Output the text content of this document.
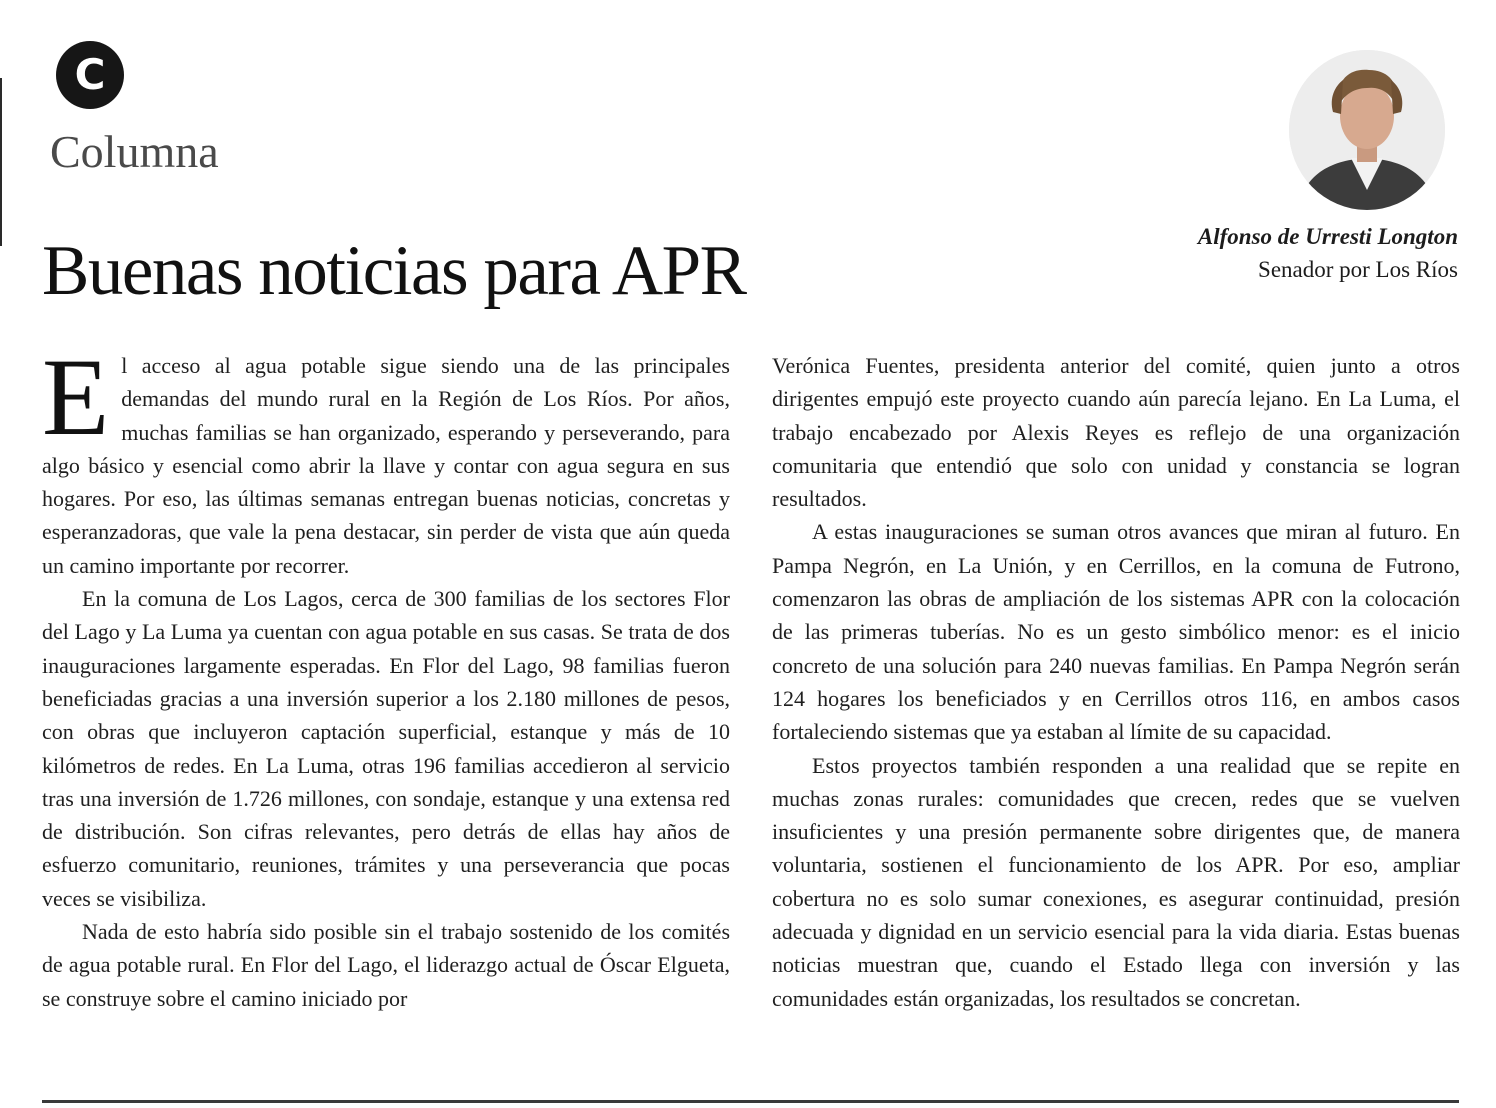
C
Columna
Buenas noticias para APR	Alfonso de Urresti Longton
Senador por Los Ríos

El acceso al agua potable sigue siendo una de las principales demandas del mundo rural en la Región de Los Ríos. Por años, muchas familias se han organizado, esperando y perseverando, para algo básico y esencial como abrir la llave y contar con agua segura en sus hogares. Por eso, las últimas semanas entregan buenas noticias, concretas y esperanzadoras, que vale la pena destacar, sin perder de vista que aún queda un camino importante por recorrer.

En la comuna de Los Lagos, cerca de 300 familias de los sectores Flor del Lago y La Luma ya cuentan con agua potable en sus casas. Se trata de dos inauguraciones largamente esperadas. En Flor del Lago, 98 familias fueron beneficiadas gracias a una inversión superior a los 2.180 millones de pesos, con obras que incluyeron captación superficial, estanque y más de 10 kilómetros de redes. En La Luma, otras 196 familias accedieron al servicio tras una inversión de 1.726 millones, con sondaje, estanque y una extensa red de distribución. Son cifras relevantes, pero detrás de ellas hay años de esfuerzo comunitario, reuniones, trámites y una perseverancia que pocas veces se visibiliza.

Nada de esto habría sido posible sin el trabajo sostenido de los comités de agua potable rural. En Flor del Lago, el liderazgo actual de Óscar Elgueta, se construye sobre el camino iniciado por

Verónica Fuentes, presidenta anterior del comité, quien junto a otros dirigentes empujó este proyecto cuando aún parecía lejano. En La Luma, el trabajo encabezado por Alexis Reyes es reflejo de una organización comunitaria que entendió que solo con unidad y constancia se logran resultados.

A estas inauguraciones se suman otros avances que miran al futuro. En Pampa Negrón, en La Unión, y en Cerrillos, en la comuna de Futrono, comenzaron las obras de ampliación de los sistemas APR con la colocación de las primeras tuberías. No es un gesto simbólico menor: es el inicio concreto de una solución para 240 nuevas familias. En Pampa Negrón serán 124 hogares los beneficiados y en Cerrillos otros 116, en ambos casos fortaleciendo sistemas que ya estaban al límite de su capacidad.

Estos proyectos también responden a una realidad que se repite en muchas zonas rurales: comunidades que crecen, redes que se vuelven insuficientes y una presión permanente sobre dirigentes que, de manera voluntaria, sostienen el funcionamiento de los APR. Por eso, ampliar cobertura no es solo sumar conexiones, es asegurar continuidad, presión adecuada y dignidad en un servicio esencial para la vida diaria. Estas buenas noticias muestran que, cuando el Estado llega con inversión y las comunidades están organizadas, los resultados se concretan.
